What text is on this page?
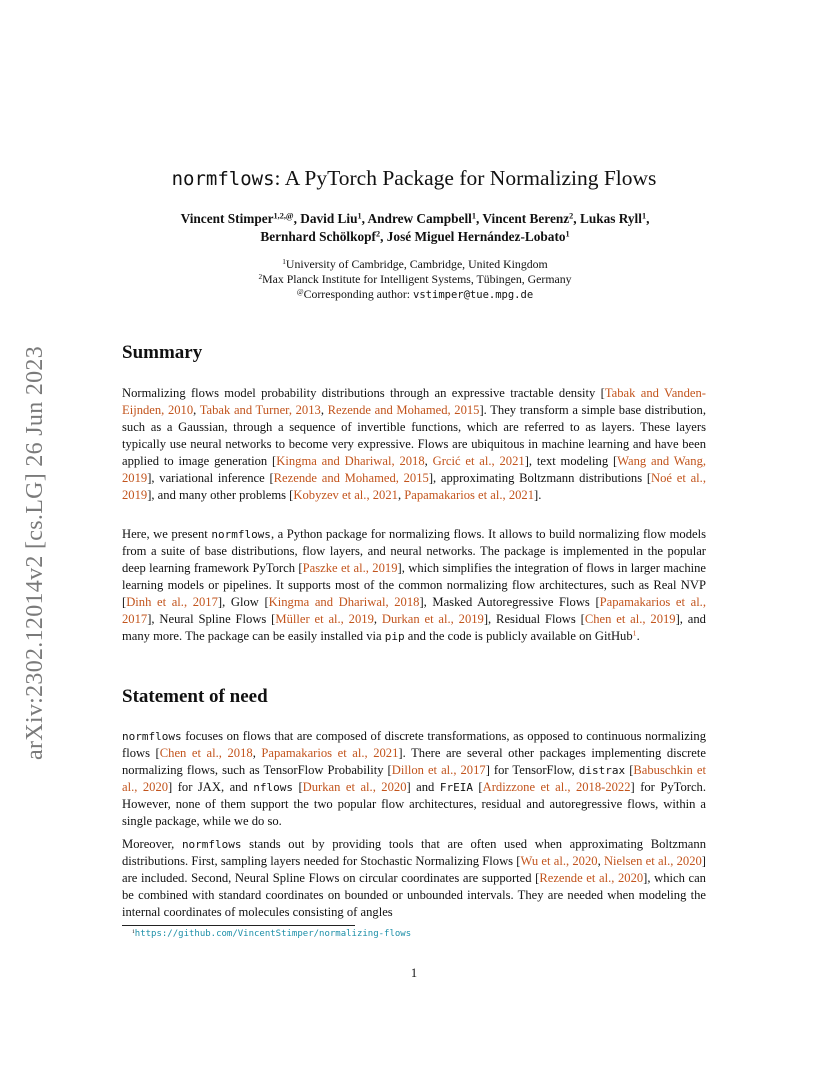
arXiv:2302.12014v2 [cs.LG] 26 Jun 2023
normflows: A PyTorch Package for Normalizing Flows
Vincent Stimper$^{1,2,@}$, David Liu$^1$, Andrew Campbell$^1$, Vincent Berenz$^2$, Lukas Ryll$^1$,
Bernhard Schölkopf$^2$, José Miguel Hernández-Lobato$^1$
$^1$University of Cambridge, Cambridge, United Kingdom
$^2$Max Planck Institute for Intelligent Systems, Tübingen, Germany
@Corresponding author: vstimper@tue.mpg.de
Summary

Normalizing flows model probability distributions through an expressive tractable density [Tabak and Vanden-Eijnden, 2010, Tabak and Turner, 2013, Rezende and Mohamed, 2015]. They transform a simple base distribution, such as a Gaussian, through a sequence of invertible functions, which are referred to as layers. These layers typically use neural networks to become very expressive. Flows are ubiquitous in machine learning and have been applied to image generation [Kingma and Dhariwal, 2018, Grcić et al., 2021], text modeling [Wang and Wang, 2019], variational inference [Rezende and Mohamed, 2015], approximating Boltzmann distributions [Noé et al., 2019], and many other problems [Kobyzev et al., 2021, Papamakarios et al., 2021].

Here, we present normflows, a Python package for normalizing flows. It allows to build normalizing flow models from a suite of base distributions, flow layers, and neural networks. The package is implemented in the popular deep learning framework PyTorch [Paszke et al., 2019], which simplifies the integration of flows in larger machine learning models or pipelines. It supports most of the common normalizing flow architectures, such as Real NVP [Dinh et al., 2017], Glow [Kingma and Dhariwal, 2018], Masked Autoregressive Flows [Papamakarios et al., 2017], Neural Spline Flows [Müller et al., 2019, Durkan et al., 2019], Residual Flows [Chen et al., 2019], and many more. The package can be easily installed via pip and the code is publicly available on GitHub$^1$.

Statement of need

normflows focuses on flows that are composed of discrete transformations, as opposed to continuous normalizing flows [Chen et al., 2018, Papamakarios et al., 2021]. There are several other packages implementing discrete normalizing flows, such as TensorFlow Probability [Dillon et al., 2017] for TensorFlow, distrax [Babuschkin et al., 2020] for JAX, and nflows [Durkan et al., 2020] and FrEIA [Ardizzone et al., 2018-2022] for PyTorch. However, none of them support the two popular flow architectures, residual and autoregressive flows, within a single package, while we do so.

Moreover, normflows stands out by providing tools that are often used when approximating Boltzmann distributions. First, sampling layers needed for Stochastic Normalizing Flows [Wu et al., 2020, Nielsen et al., 2020] are included. Second, Neural Spline Flows on circular coordinates are supported [Rezende et al., 2020], which can be combined with standard coordinates on bounded or unbounded intervals. They are needed when modeling the internal coordinates of molecules consisting of angles

$^1$https://github.com/VincentStimper/normalizing-flows
1
